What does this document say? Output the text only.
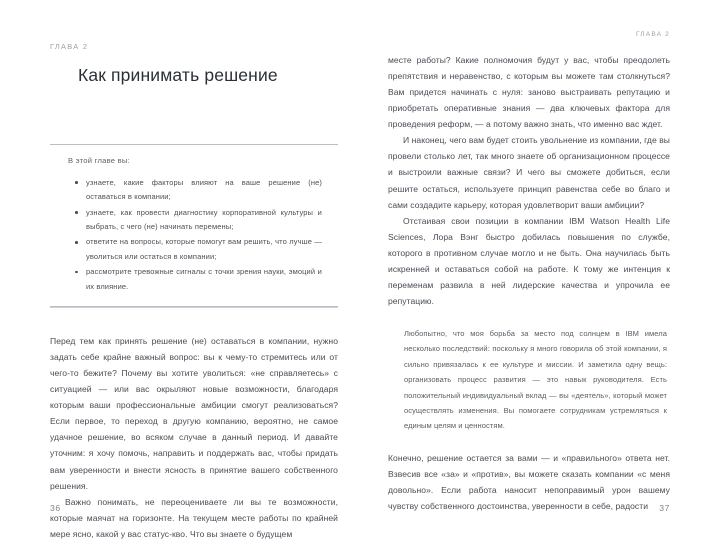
ГЛАВА 2
Как принимать решение
В этой главе вы:
узнаете, какие факторы влияют на ваше решение (не) оставаться в компании;
узнаете, как провести диагностику корпоративной культуры и выбрать, с чего (не) начинать перемены;
ответите на вопросы, которые помогут вам решить, что лучше — уволиться или остаться в компании;
рассмотрите тревожные сигналы с точки зрения науки, эмоций и их влияние.

Перед тем как принять решение (не) оставаться в компании, нужно задать себе крайне важный вопрос: вы к чему-то стремитесь или от чего-то бежите? Почему вы хотите уволиться: «не справляетесь» с ситуацией — или вас окрыляют новые возможности, благодаря которым ваши профессиональные амбиции смогут реализоваться? Если первое, то переход в другую компанию, вероятно, не самое удачное решение, во всяком случае в данный период. И давайте уточним: я хочу помочь, направить и поддержать вас, чтобы придать вам уверенности и внести ясность в принятие вашего собственного решения.

Важно понимать, не переоцениваете ли вы те возможности, которые маячат на горизонте. На текущем месте работы по крайней мере ясно, какой у вас статус-кво. Что вы знаете о будущем

36
ГЛАВА 2

месте работы? Какие полномочия будут у вас, чтобы преодолеть препятствия и неравенство, с которым вы можете там столкнуться? Вам придется начинать с нуля: заново выстраивать репутацию и приобретать оперативные знания — два ключевых фактора для проведения реформ, — а потому важно знать, что именно вас ждет.

И наконец, чего вам будет стоить увольнение из компании, где вы провели столько лет, так много знаете об организационном процессе и выстроили важные связи? И чего вы сможете добиться, если решите остаться, используете принцип равенства себе во благо и сами создадите карьеру, которая удовлетворит ваши амбиции?

Отстаивая свои позиции в компании IBM Watson Health Life Sciences, Лора Вэнг быстро добилась повышения по службе, которого в противном случае могло и не быть. Она научилась быть искренней и оставаться собой на работе. К тому же интенция к переменам развила в ней лидерские качества и упрочила ее репутацию.

Любопытно, что моя борьба за место под солнцем в IBM имела несколько последствий: поскольку я много говорила об этой компании, я сильно привязалась к ее культуре и миссии. И заметила одну вещь: организовать процесс развития — это навык руководителя. Есть положительный индивидуальный вклад — вы «деятель», который может осуществлять изменения. Вы помогаете сотрудникам устремляться к единым целям и ценностям.

Конечно, решение остается за вами — и «правильного» ответа нет. Взвесив все «за» и «против», вы можете сказать компании «с меня довольно». Если работа наносит непоправимый урон вашему чувству собственного достоинства, уверенности в себе, радости	37
